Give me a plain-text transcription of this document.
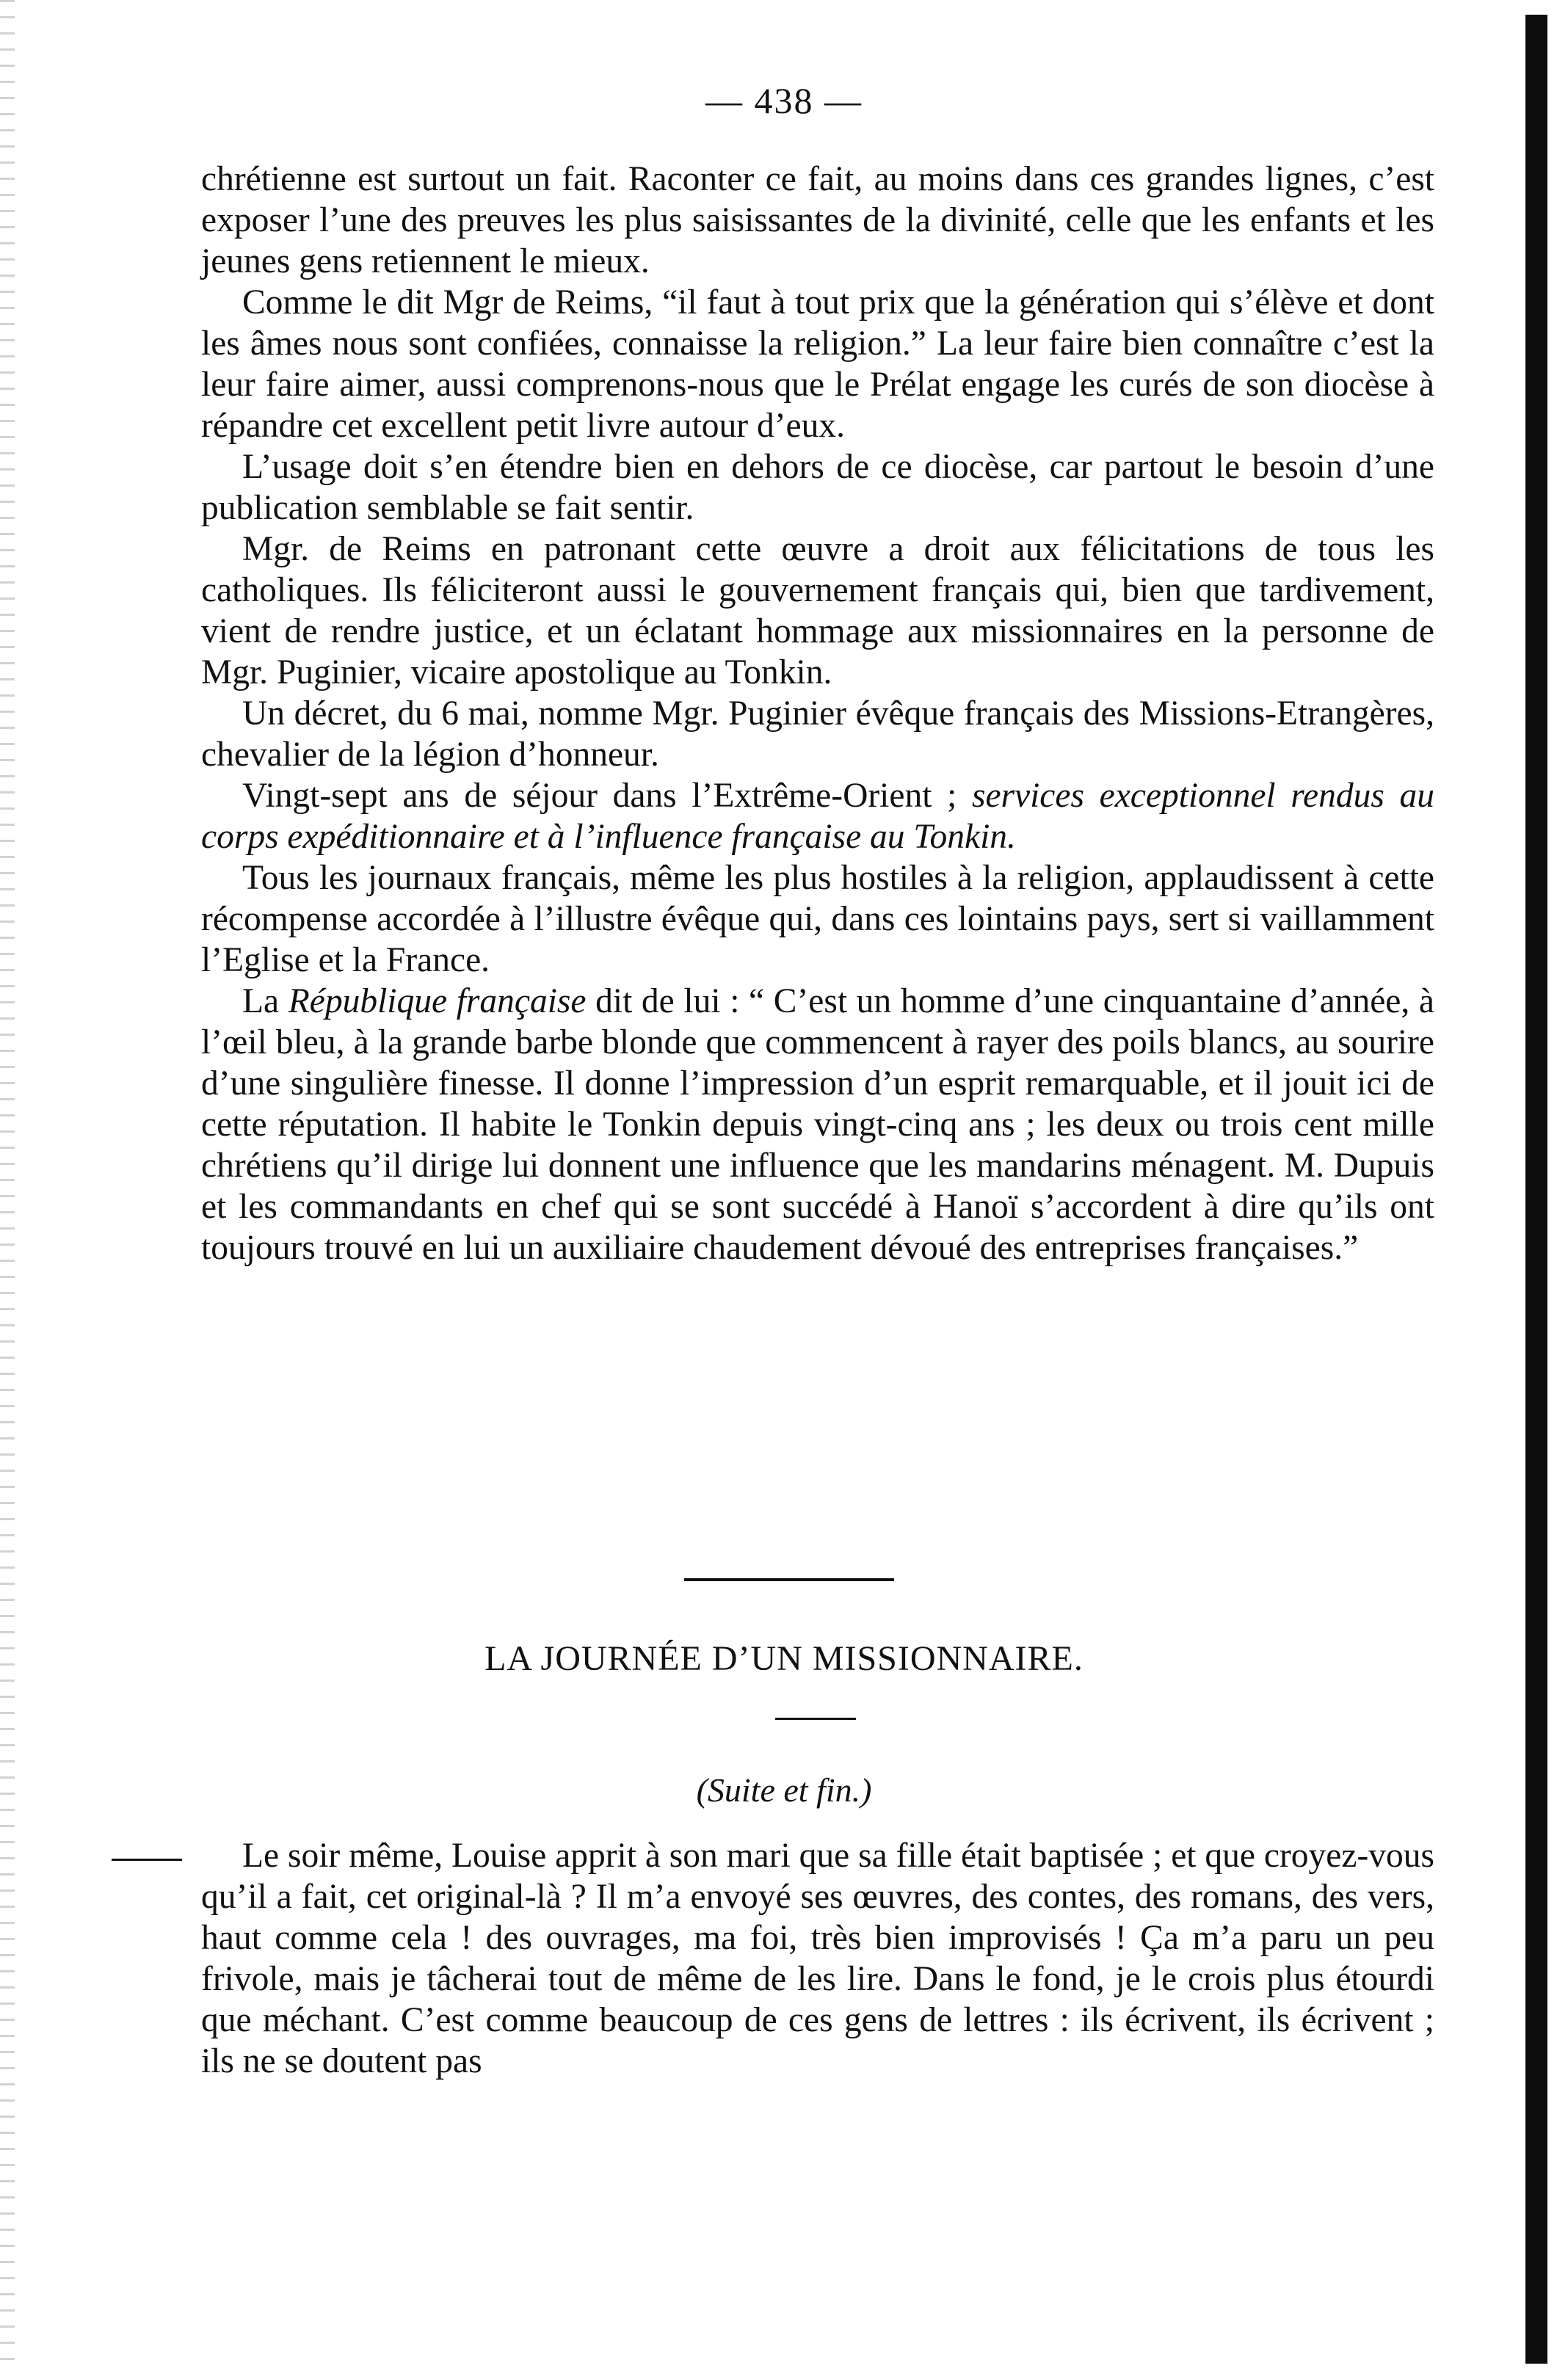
— 438 —

chrétienne est surtout un fait. Raconter ce fait, au moins dans ces grandes lignes, c’est exposer l’une des preuves les plus saisissantes de la divinité, celle que les enfants et les jeunes gens retiennent le mieux.

Comme le dit Mgr de Reims, “il faut à tout prix que la génération qui s’élève et dont les âmes nous sont confiées, connaisse la religion.” La leur faire bien connaître c’est la leur faire aimer, aussi comprenons-nous que le Prélat engage les curés de son diocèse à répandre cet excellent petit livre autour d’eux.

L’usage doit s’en étendre bien en dehors de ce diocèse, car partout le besoin d’une publication semblable se fait sentir.

Mgr. de Reims en patronant cette œuvre a droit aux félicitations de tous les catholiques. Ils féliciteront aussi le gouvernement français qui, bien que tardivement, vient de rendre justice, et un éclatant hommage aux missionnaires en la personne de Mgr. Puginier, vicaire apostolique au Tonkin.

Un décret, du 6 mai, nomme Mgr. Puginier évêque français des Missions-Etrangères, chevalier de la légion d’honneur.

Vingt-sept ans de séjour dans l’Extrême-Orient ; services exceptionnel rendus au corps expéditionnaire et à l’influence française au Tonkin.

Tous les journaux français, même les plus hostiles à la religion, applaudissent à cette récompense accordée à l’illustre évêque qui, dans ces lointains pays, sert si vaillamment l’Eglise et la France.

La République française dit de lui : “ C’est un homme d’une cinquantaine d’année, à l’œil bleu, à la grande barbe blonde que commencent à rayer des poils blancs, au sourire d’une singulière finesse. Il donne l’impression d’un esprit remarquable, et il jouit ici de cette réputation. Il habite le Tonkin depuis vingt-cinq ans ; les deux ou trois cent mille chrétiens qu’il dirige lui donnent une influence que les mandarins ménagent. M. Dupuis et les commandants en chef qui se sont succédé à Hanoï s’accordent à dire qu’ils ont toujours trouvé en lui un auxiliaire chaudement dévoué des entreprises françaises.”

LA JOURNÉE D’UN MISSIONNAIRE.
(Suite et fin.)

Le soir même, Louise apprit à son mari que sa fille était baptisée ; et que croyez-vous qu’il a fait, cet original-là ? Il m’a envoyé ses œuvres, des contes, des romans, des vers, haut comme cela ! des ouvrages, ma foi, très bien improvisés ! Ça m’a paru un peu frivole, mais je tâcherai tout de même de les lire. Dans le fond, je le crois plus étourdi que méchant. C’est comme beaucoup de ces gens de lettres : ils écrivent, ils écrivent ; ils ne se doutent pas
